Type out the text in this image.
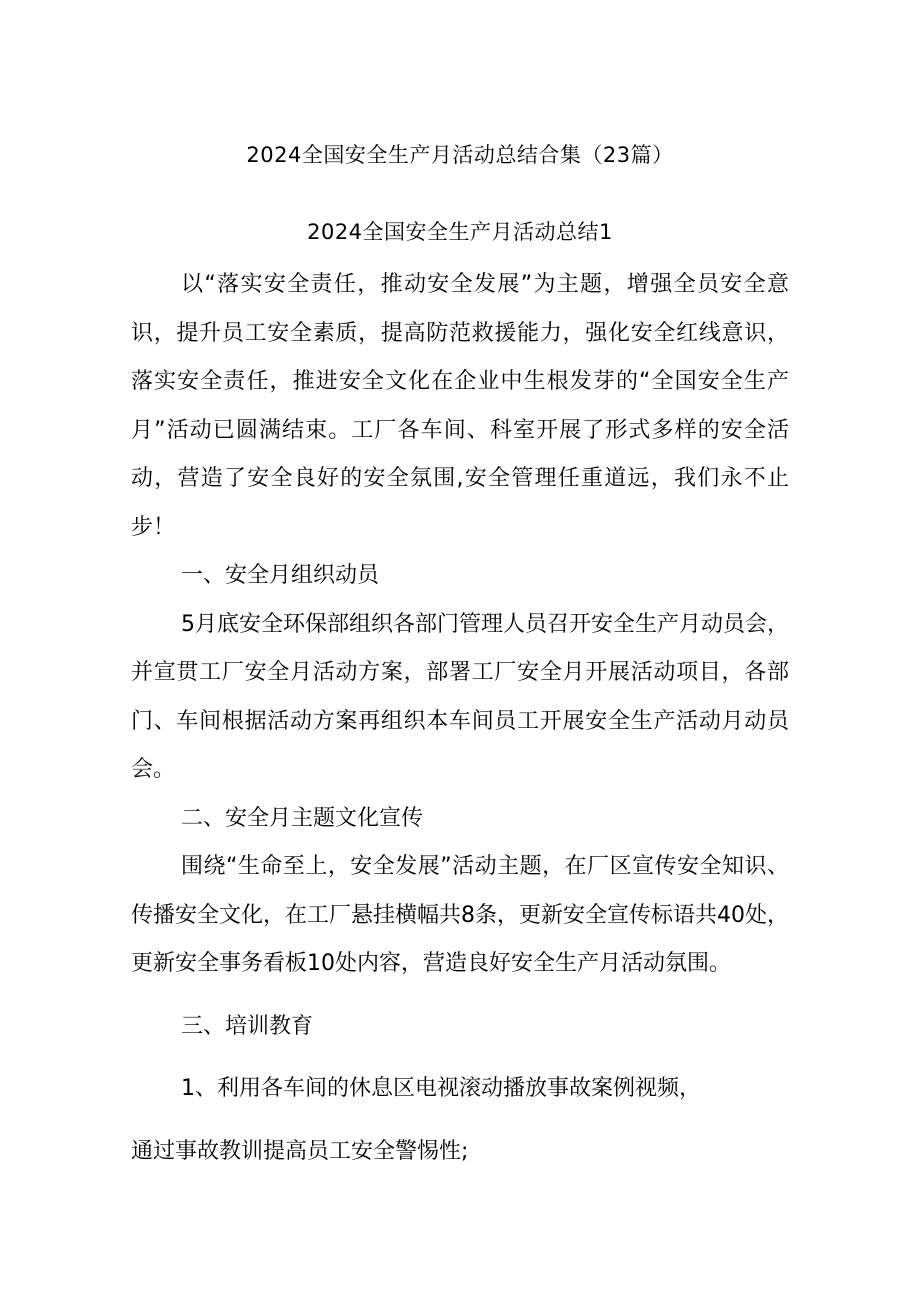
2024全国安全生产月活动总结合集（23篇）
2024全国安全生产月活动总结1

以“落实安全责任，推动安全发展”为主题，增强全员安全意识，提升员工安全素质，提高防范救援能力，强化安全红线意识，落实安全责任，推进安全文化在企业中生根发芽的“全国安全生产月”活动已圆满结束。工厂各车间、科室开展了形式多样的安全活动，营造了安全良好的安全氛围,安全管理任重道远，我们永不止步！

一、安全月组织动员

5月底安全环保部组织各部门管理人员召开安全生产月动员会，并宣贯工厂安全月活动方案，部署工厂安全月开展活动项目，各部门、车间根据活动方案再组织本车间员工开展安全生产活动月动员会。

二、安全月主题文化宣传

围绕“生命至上，安全发展”活动主题，在厂区宣传安全知识、传播安全文化，在工厂悬挂横幅共8条，更新安全宣传标语共40处，更新安全事务看板10处内容，营造良好安全生产月活动氛围。

三、培训教育

1、利用各车间的休息区电视滚动播放事故案例视频，

通过事故教训提高员工安全警惕性;
